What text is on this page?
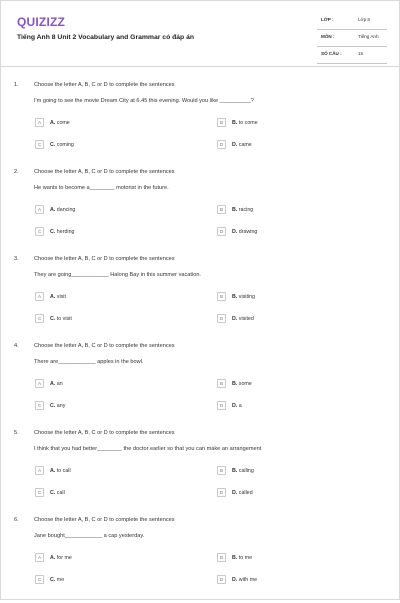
QUIZIZZ
Tiếng Anh 8 Unit 2 Vocabulary and Grammar có đáp án
LỚP :	Lớp 8
MÔN :	Tiếng Anh
SỐ CÂU :	15
1.	Choose the letter A, B, C or D to complete the sentences
I'm going to see the movie Dream City at 6.45 this evening. Would you like __________?
A	A. come	B	B. to come
C	C. coming	D	D. came
2.	Choose the letter A, B, C or D to complete the sentences
He wants to become a________ motorist in the future.
A	A. dancing	B	B. racing
C	C. herding	D	D. drawing
3.	Choose the letter A, B, C or D to complete the sentences
They are going____________ Halong Bay in this summer vacation.
A	A. visit	B	B. visiting
C	C. to visit	D	D. visited
4.	Choose the letter A, B, C or D to complete the sentences
There are____________ apples in the bowl.
A	A. an	B	B. some
C	C. any	D	D. a
5.	Choose the letter A, B, C or D to complete the sentences
I think that you had better________ the doctor earlier so that you can make an arrangement
A	A. to call	B	B. calling
C	C. call	D	D. called
6.	Choose the letter A, B, C or D to complete the sentences
Jane bought____________ a cap yesterday.
A	A. for me	B	B. to me
C	C. me	D	D. with me
